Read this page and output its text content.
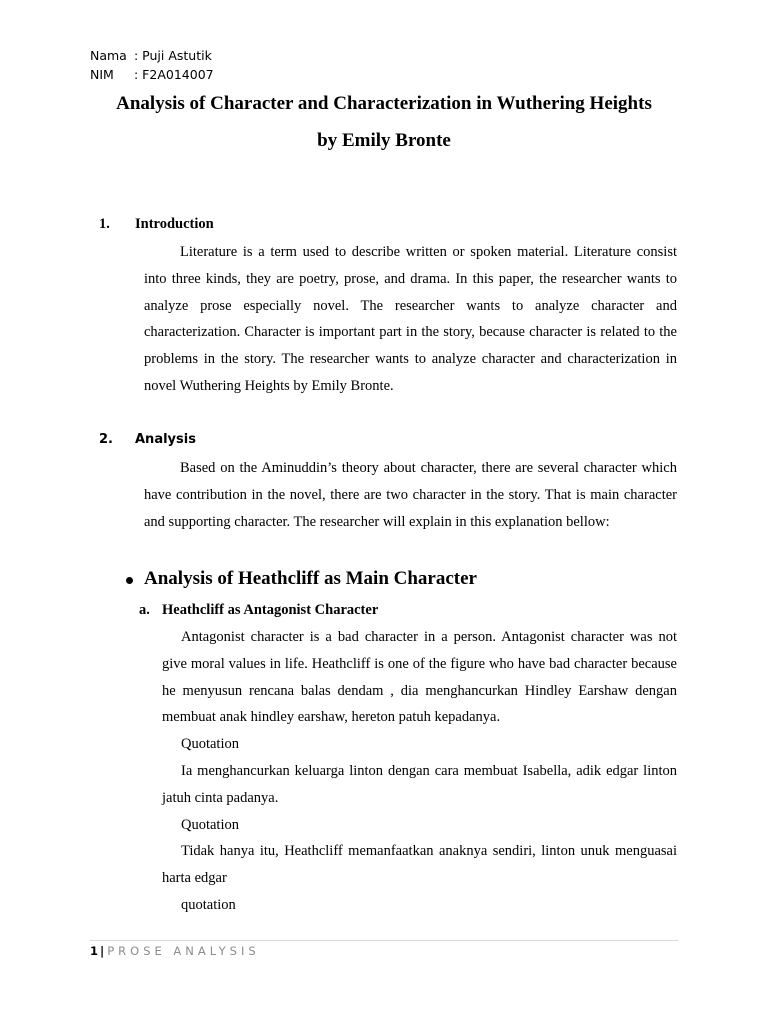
Nama : Puji Astutik
NIM : F2A014007
Analysis of Character and Characterization in Wuthering Heights
by Emily Bronte
1. Introduction

Literature is a term used to describe written or spoken material. Literature consist into three kinds, they are poetry, prose, and drama. In this paper, the researcher wants to analyze prose especially novel. The researcher wants to analyze character and characterization. Character is important part in the story, because character is related to the problems in the story. The researcher wants to analyze character and characterization in novel Wuthering Heights by Emily Bronte.

2. Analysis

Based on the Aminuddin’s theory about character, there are several character which have contribution in the novel, there are two character in the story. That is main character and supporting character. The researcher will explain in this explanation bellow:

Analysis of Heathcliff as Main Character
a. Heathcliff as Antagonist Character

Antagonist character is a bad character in a person. Antagonist character was not give moral values in life. Heathcliff is one of the figure who have bad character because he menyusun rencana balas dendam , dia menghancurkan Hindley Earshaw dengan membuat anak hindley earshaw, hereton patuh kepadanya.

Quotation

Ia menghancurkan keluarga linton dengan cara membuat Isabella, adik edgar linton jatuh cinta padanya.

Quotation

Tidak hanya itu, Heathcliff memanfaatkan anaknya sendiri, linton unuk menguasai harta edgar

quotation

1 | PROSE ANALYSIS
